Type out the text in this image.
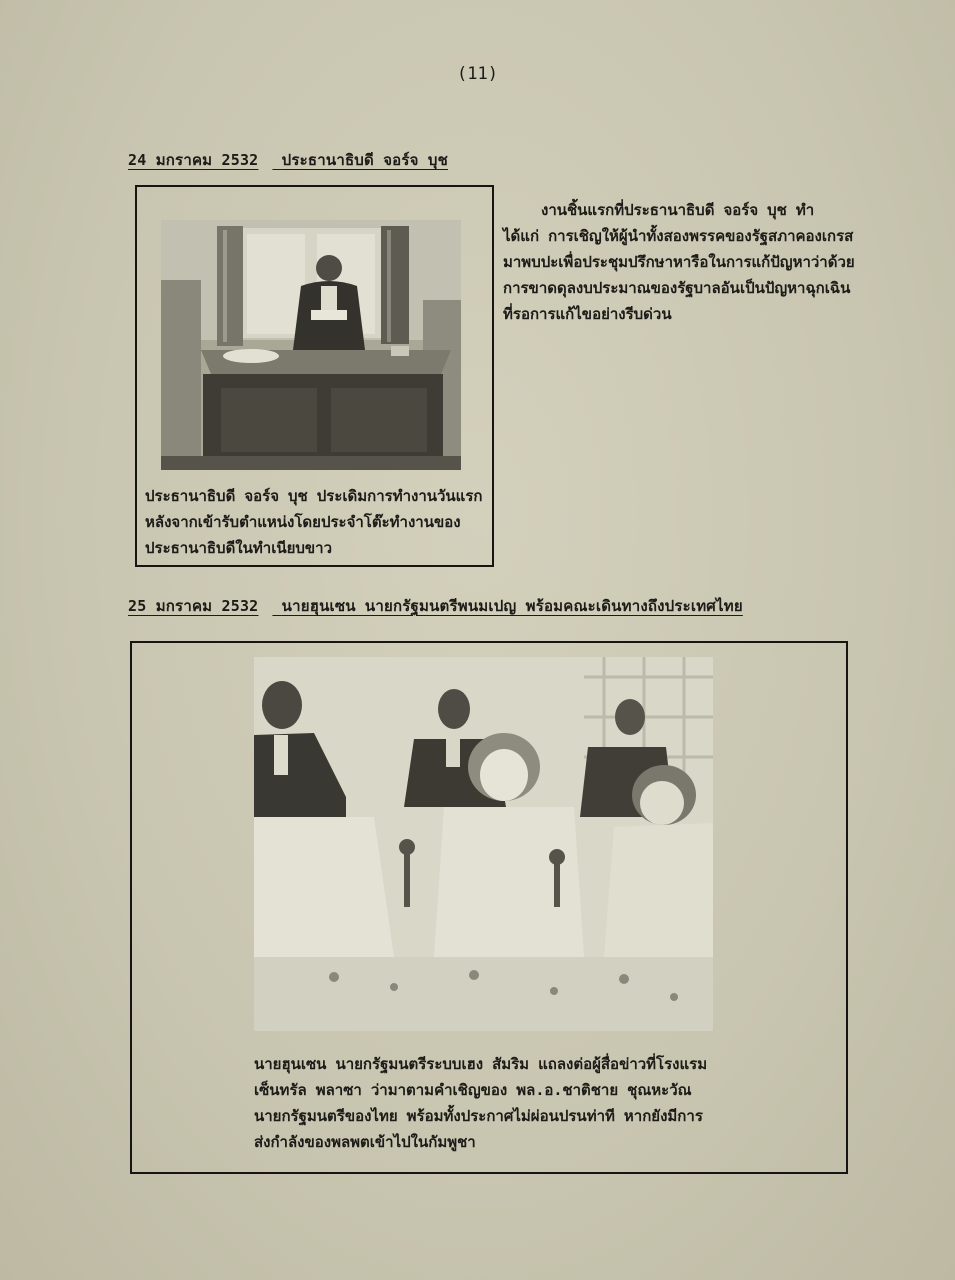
(11)
24 มกราคม 2532 ประธานาธิบดี จอร์จ บุช
ประธานาธิบดี จอร์จ บุช ประเดิมการทำงานวันแรก
หลังจากเข้ารับตำแหน่งโดยประจำโต๊ะทำงานของ
ประธานาธิบดีในทำเนียบขาว
งานชิ้นแรกที่ประธานาธิบดี จอร์จ บุช ทำ
ได้แก่ การเชิญให้ผู้นำทั้งสองพรรคของรัฐสภาคองเกรส
มาพบปะเพื่อประชุมปรึกษาหารือในการแก้ปัญหาว่าด้วย
การขาดดุลงบประมาณของรัฐบาลอันเป็นปัญหาฉุกเฉิน
ที่รอการแก้ไขอย่างรีบด่วน
25 มกราคม 2532 นายฮุนเซน นายกรัฐมนตรีพนมเปญ พร้อมคณะเดินทางถึงประเทศไทย
นายฮุนเซน นายกรัฐมนตรีระบบเฮง สัมริม แถลงต่อผู้สื่อข่าวที่โรงแรม
เซ็นทรัล พลาซา ว่ามาตามคำเชิญของ พล.อ.ชาติชาย ชุณหะวัณ
นายกรัฐมนตรีของไทย พร้อมทั้งประกาศไม่ผ่อนปรนท่าที หากยังมีการ
ส่งกำลังของพลพตเข้าไปในกัมพูชา
